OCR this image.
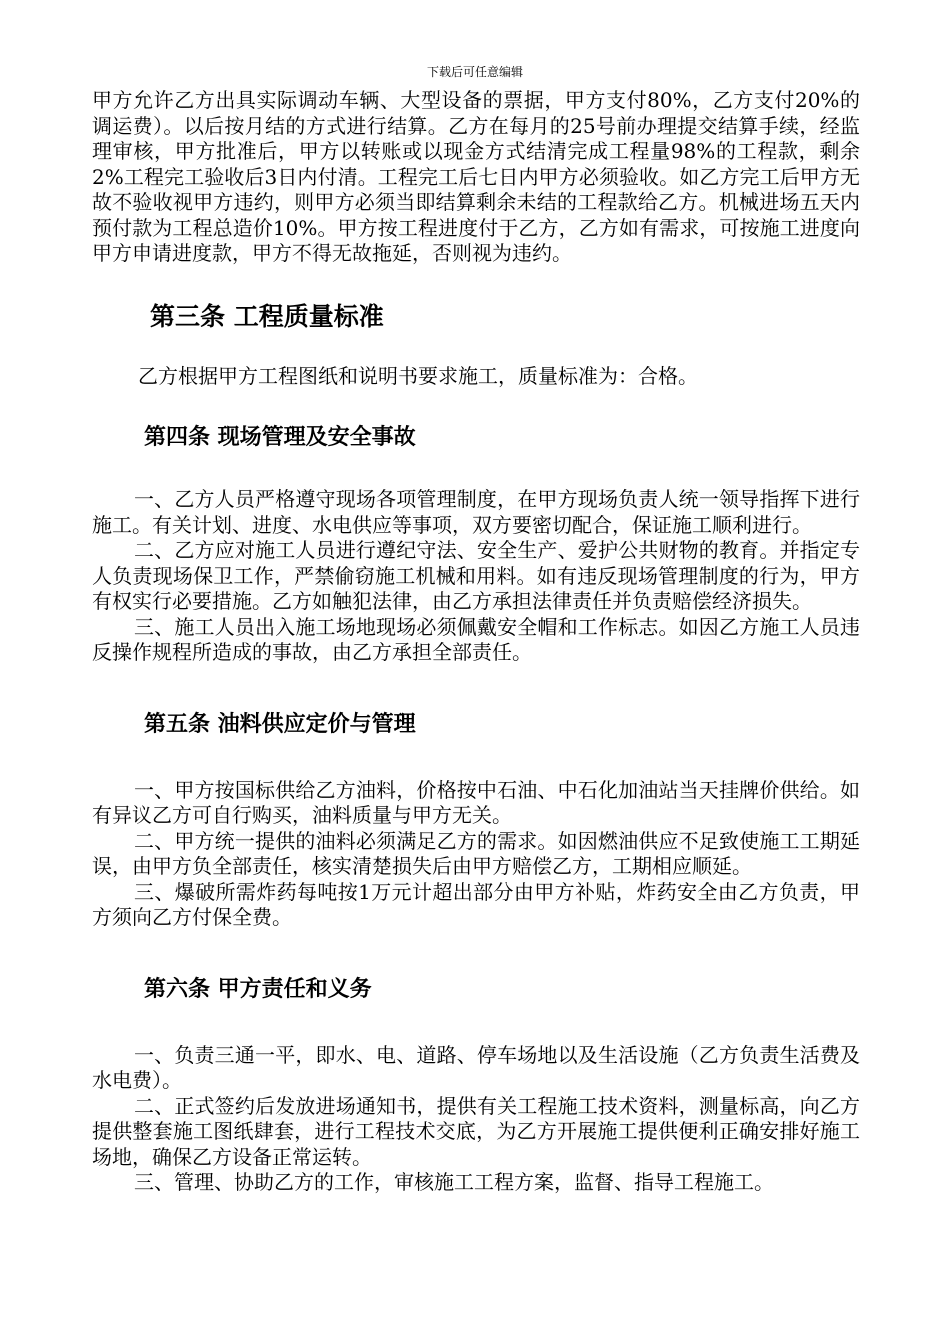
下载后可任意编辑

甲方允许乙方出具实际调动车辆、大型设备的票据，甲方支付80%，乙方支付20%的调运费）。以后按月结的方式进行结算。乙方在每月的25号前办理提交结算手续，经监理审核，甲方批准后，甲方以转账或以现金方式结清完成工程量98%的工程款，剩余2%工程完工验收后3日内付清。工程完工后七日内甲方必须验收。如乙方完工后甲方无故不验收视甲方违约，则甲方必须当即结算剩余未结的工程款给乙方。机械进场五天内预付款为工程总造价10%。甲方按工程进度付于乙方，乙方如有需求，可按施工进度向甲方申请进度款，甲方不得无故拖延，否则视为违约。

第三条 工程质量标准

乙方根据甲方工程图纸和说明书要求施工，质量标准为：合格。

第四条 现场管理及安全事故

一、乙方人员严格遵守现场各项管理制度，在甲方现场负责人统一领导指挥下进行施工。有关计划、进度、水电供应等事项，双方要密切配合，保证施工顺利进行。

二、乙方应对施工人员进行遵纪守法、安全生产、爱护公共财物的教育。并指定专人负责现场保卫工作，严禁偷窃施工机械和用料。如有违反现场管理制度的行为，甲方有权实行必要措施。乙方如触犯法律，由乙方承担法律责任并负责赔偿经济损失。

三、施工人员出入施工场地现场必须佩戴安全帽和工作标志。如因乙方施工人员违反操作规程所造成的事故，由乙方承担全部责任。

第五条 油料供应定价与管理

一、甲方按国标供给乙方油料，价格按中石油、中石化加油站当天挂牌价供给。如有异议乙方可自行购买，油料质量与甲方无关。

二、甲方统一提供的油料必须满足乙方的需求。如因燃油供应不足致使施工工期延误，由甲方负全部责任，核实清楚损失后由甲方赔偿乙方，工期相应顺延。

三、爆破所需炸药每吨按1万元计超出部分由甲方补贴，炸药安全由乙方负责，甲方须向乙方付保全费。

第六条 甲方责任和义务

一、负责三通一平，即水、电、道路、停车场地以及生活设施（乙方负责生活费及水电费）。

二、正式签约后发放进场通知书，提供有关工程施工技术资料，测量标高，向乙方提供整套施工图纸肆套，进行工程技术交底，为乙方开展施工提供便利正确安排好施工场地，确保乙方设备正常运转。

三、管理、协助乙方的工作，审核施工工程方案，监督、指导工程施工。
